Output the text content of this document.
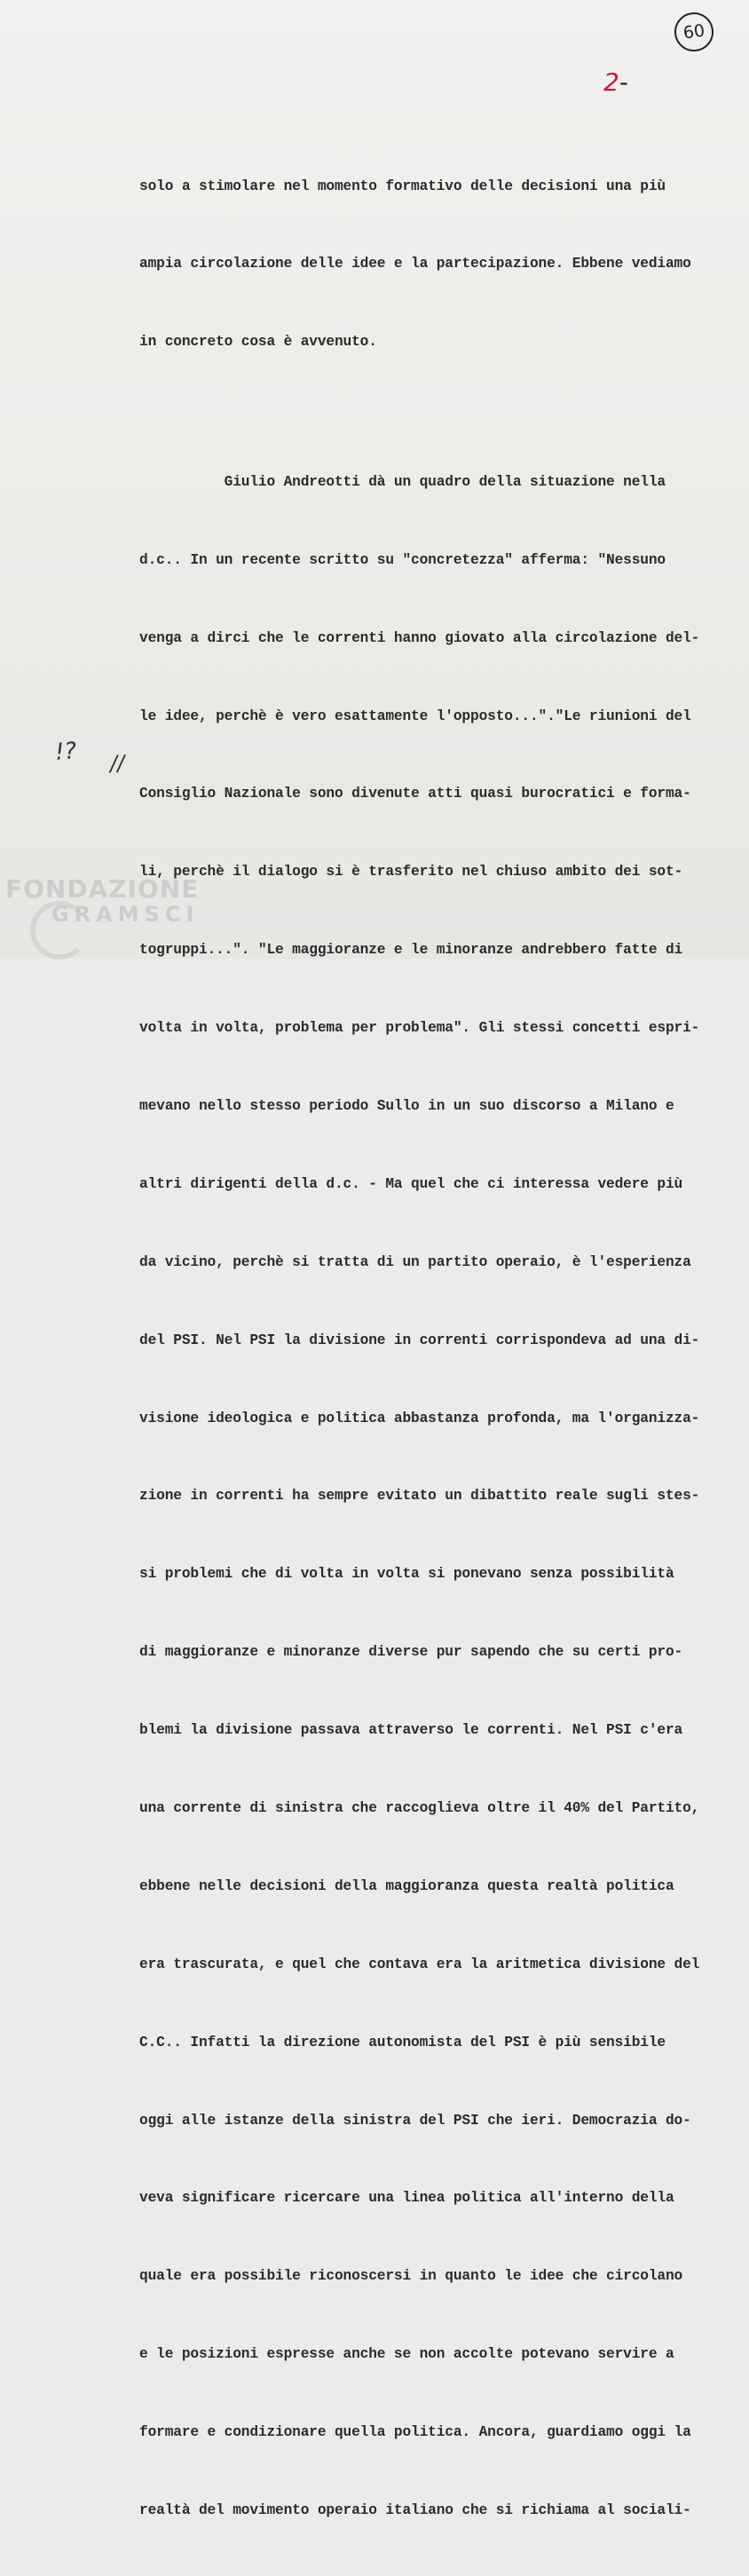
60
2-

solo a stimolare nel momento formativo delle decisioni una più

ampia circolazione delle idee e la partecipazione. Ebbene vediamo

in concreto cosa è avvenuto.

Giulio Andreotti dà un quadro della situazione nella

d.c.. In un recente scritto su "concretezza" afferma: "Nessuno

venga a dirci che le correnti hanno giovato alla circolazione del-

le idee, perchè è vero esattamente l'opposto..."."Le riunioni del

Consiglio Nazionale sono divenute atti quasi burocratici e forma-

li, perchè il dialogo si è trasferito nel chiuso ambito dei sot-

togruppi...". "Le maggioranze e le minoranze andrebbero fatte di

volta in volta, problema per problema". Gli stessi concetti espri-

mevano nello stesso periodo Sullo in un suo discorso a Milano e

altri dirigenti della d.c. - Ma quel che ci interessa vedere più

da vicino, perchè si tratta di un partito operaio, è l'esperienza

del PSI. Nel PSI la divisione in correnti corrispondeva ad una di-

visione ideologica e politica abbastanza profonda, ma l'organizza-

zione in correnti ha sempre evitato un dibattito reale sugli stes-

si problemi che di volta in volta si ponevano senza possibilità

di maggioranze e minoranze diverse pur sapendo che su certi pro-

blemi la divisione passava attraverso le correnti. Nel PSI c'era

una corrente di sinistra che raccoglieva oltre il 40% del Partito,

ebbene nelle decisioni della maggioranza questa realtà politica

era trascurata, e quel che contava era la aritmetica divisione del

C.C.. Infatti la direzione autonomista del PSI è più sensibile

oggi alle istanze della sinistra del PSI che ieri. Democrazia do-

veva significare ricercare una linea politica all'interno della

quale era possibile riconoscersi in quanto le idee che circolano

e le posizioni espresse anche se non accolte potevano servire a

formare e condizionare quella politica. Ancora, guardiamo oggi la

realtà del movimento operaio italiano che si richiama al sociali-

!? //
FONDAZIONE
GRAMSCI
